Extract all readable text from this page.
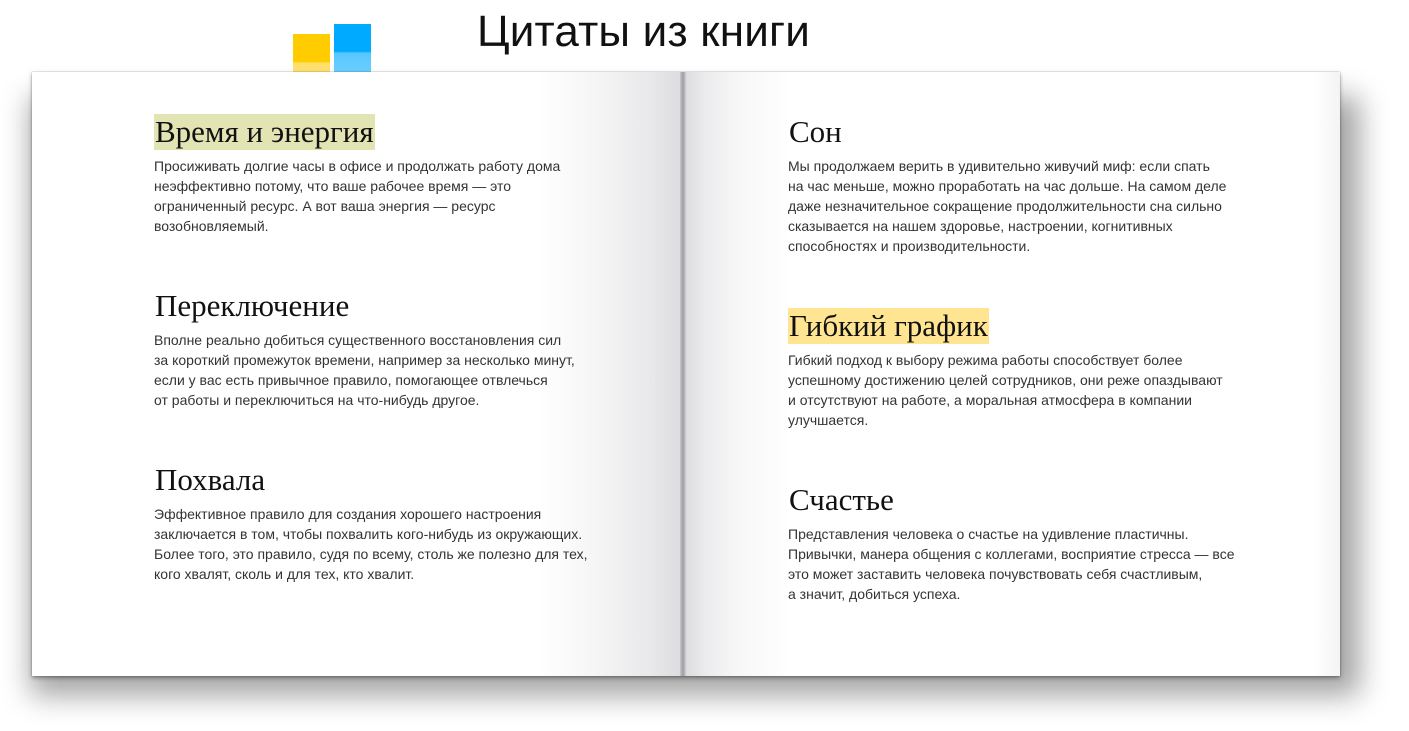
Цитаты из книги
Время и энергия

Просиживать долгие часы в офисе и продолжать работу дома
неэффективно потому, что ваше рабочее время — это
ограниченный ресурс. А вот ваша энергия — ресурс
возобновляемый.

Переключение

Вполне реально добиться существенного восстановления сил
за короткий промежуток времени, например за несколько минут,
если у вас есть привычное правило, помогающее отвлечься
от работы и переключиться на что-нибудь другое.

Похвала

Эффективное правило для создания хорошего настроения
заключается в том, чтобы похвалить кого-нибудь из окружающих.
Более того, это правило, судя по всему, столь же полезно для тех,
кого хвалят, сколь и для тех, кто хвалит.

Сон

Мы продолжаем верить в удивительно живучий миф: если спать
на час меньше, можно проработать на час дольше. На самом деле
даже незначительное сокращение продолжительности сна сильно
сказывается на нашем здоровье, настроении, когнитивных
способностях и производительности.

Гибкий график

Гибкий подход к выбору режима работы способствует более
успешному достижению целей сотрудников, они реже опаздывают
и отсутствуют на работе, а моральная атмосфера в компании
улучшается.

Счастье

Представления человека о счастье на удивление пластичны.
Привычки, манера общения с коллегами, восприятие стресса — все
это может заставить человека почувствовать себя счастливым,
а значит, добиться успеха.
